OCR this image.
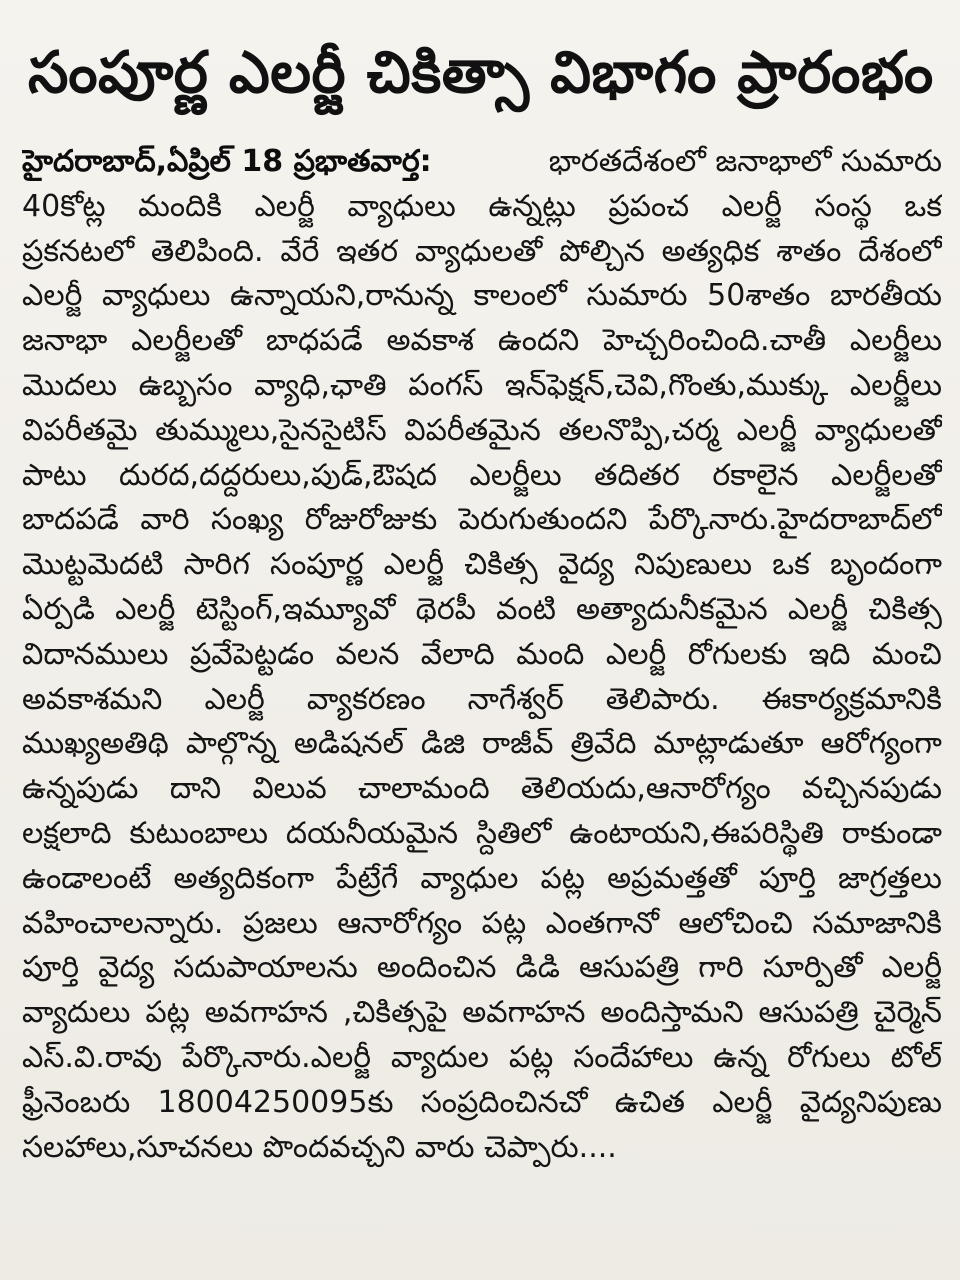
సంపూర్ణ ఎలర్జీ చికిత్సా విభాగం ప్రారంభం
హైదరాబాద్,ఏప్రిల్ 18 ప్రభాతవార్త:	భారతదేశంలో జనాభాలో సుమారు
40కోట్ల మందికి ఎలర్జీ వ్యాధులు ఉన్నట్లు ప్రపంచ ఎలర్జీ సంస్థ ఒక
ప్రకనటలో తెలిపింది. వేరే ఇతర వ్యాధులతో పోల్చిన అత్యధిక శాతం దేశంలో
ఎలర్జీ వ్యాధులు ఉన్నాయని,రానున్న కాలంలో సుమారు 50శాతం బారతీయ
జనాభా ఎలర్జీలతో బాధపడే అవకాశ ఉందని హెచ్చరించింది.చాతీ ఎలర్జీలు
మొదలు ఉబ్బసం వ్యాధి,ఛాతి పంగస్ ఇన్‌ఫెక్షన్,చెవి,గొంతు,ముక్కు ఎలర్జీలు
విపరీతమై తుమ్ములు,సైనసైటిస్ విపరీతమైన తలనొప్పి,చర్మ ఎలర్జీ వ్యాధులతో
పాటు దురద,దద్దరులు,పుడ్,ఔషద ఎలర్జీలు తదితర రకాలైన ఎలర్జీలతో
బాదపడే వారి సంఖ్య రోజురోజుకు పెరుగుతుందని పేర్కొనారు.హైదరాబాద్‌లో
మొట్టమెదటి సారిగ సంపూర్ణ ఎలర్జీ చికిత్స వైద్య నిపుణులు ఒక బృందంగా
ఏర్పడి ఎలర్జీ టెస్టింగ్,ఇమ్యూవో థెరపీ వంటి అత్యాదునీకమైన ఎలర్జీ చికిత్స
విదానములు ప్రవేపెట్టడం వలన వేలాది మంది ఎలర్జీ రోగులకు ఇది మంచి
అవకాశమని ఎలర్జీ వ్యాకరణం నాగేశ్వర్ తెలిపారు. ఈకార్యక్రమానికి
ముఖ్యఅతిథి పాల్గొన్న అడిషనల్ డిజి రాజీవ్ త్రివేది మాట్లాడుతూ ఆరోగ్యంగా
ఉన్నపుడు దాని విలువ చాలామంది తెలియదు,ఆనారోగ్యం వచ్చినపుడు
లక్షలాది కుటుంబాలు దయనీయమైన స్దితిలో ఉంటాయని,ఈపరిస్థితి రాకుండా
ఉండాలంటే అత్యదికంగా పేట్రేగే వ్యాధుల పట్ల అప్రమత్తతో పూర్తి జాగ్రత్తలు
వహించాలన్నారు. ప్రజలు ఆనారోగ్యం పట్ల ఎంతగానో ఆలోచించి సమాజానికి
పూర్తి వైద్య సదుపాయాలను అందించిన డిడి ఆసుపత్రి గారి సూర్పితో ఎలర్జీ
వ్యాదులు పట్ల అవగాహన ,చికిత్సపై అవగాహన అందిస్తామని ఆసుపత్రి చైర్మెన్
ఎస్.వి.రావు పేర్కొనారు.ఎలర్జీ వ్యాదుల పట్ల సందేహాలు ఉన్న రోగులు టోల్
ఫ్రీనెంబరు 18004250095కు సంప్రదించినచో ఉచిత ఎలర్జీ వైద్యనిపుణు
సలహాలు,సూచనలు పొందవచ్చని వారు చెప్పారు....
